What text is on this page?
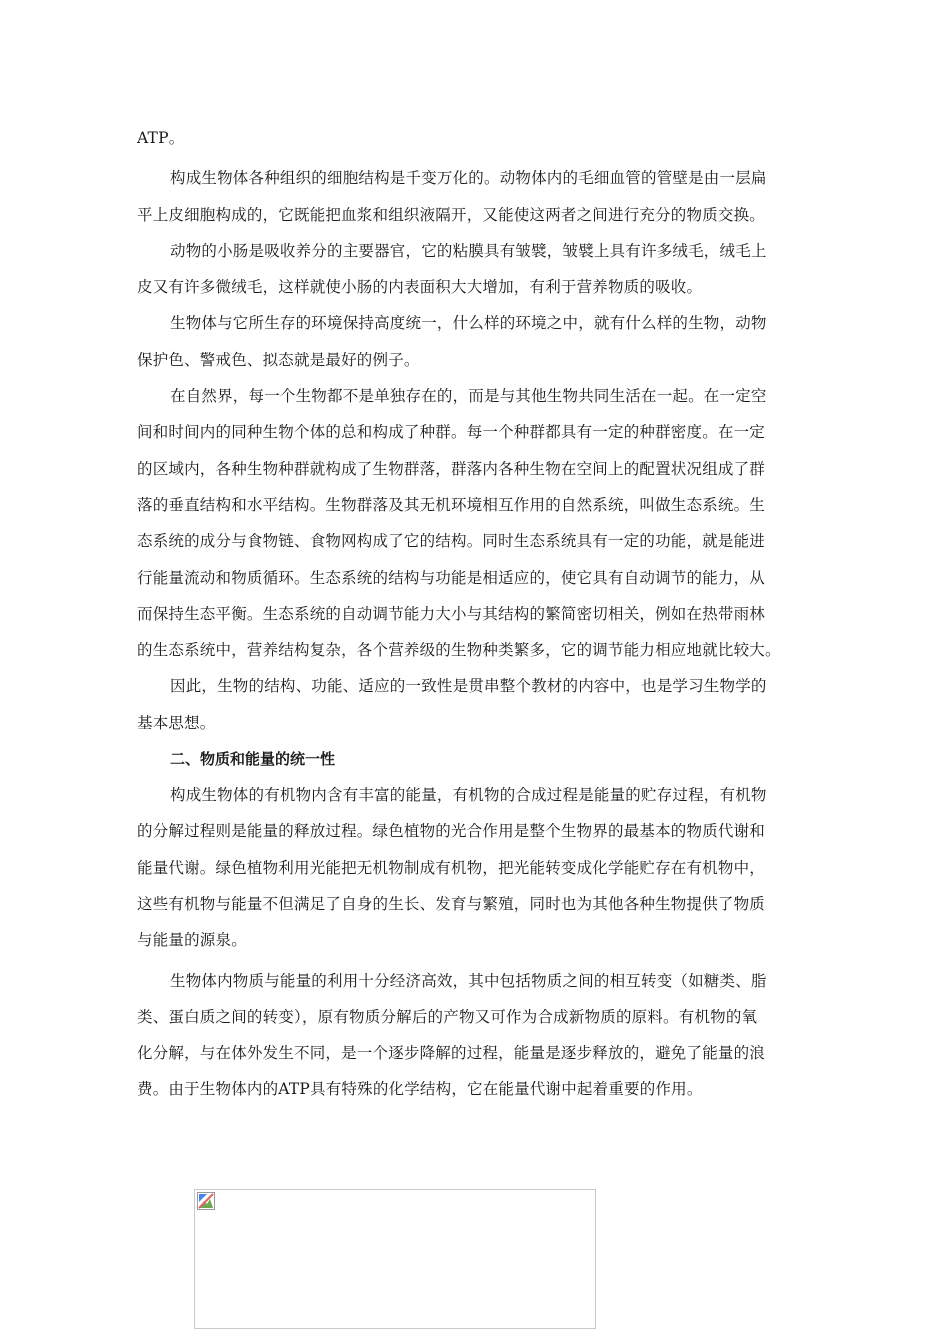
ATP。
构成生物体各种组织的细胞结构是千变万化的。动物体内的毛细血管的管壁是由一层扁
平上皮细胞构成的，它既能把血浆和组织液隔开，又能使这两者之间进行充分的物质交换。
动物的小肠是吸收养分的主要器官，它的粘膜具有皱襞，皱襞上具有许多绒毛，绒毛上
皮又有许多微绒毛，这样就使小肠的内表面积大大增加，有利于营养物质的吸收。
生物体与它所生存的环境保持高度统一，什么样的环境之中，就有什么样的生物，动物
保护色、警戒色、拟态就是最好的例子。
在自然界，每一个生物都不是单独存在的，而是与其他生物共同生活在一起。在一定空
间和时间内的同种生物个体的总和构成了种群。每一个种群都具有一定的种群密度。在一定
的区域内，各种生物种群就构成了生物群落，群落内各种生物在空间上的配置状况组成了群
落的垂直结构和水平结构。生物群落及其无机环境相互作用的自然系统，叫做生态系统。生
态系统的成分与食物链、食物网构成了它的结构。同时生态系统具有一定的功能，就是能进
行能量流动和物质循环。生态系统的结构与功能是相适应的，使它具有自动调节的能力，从
而保持生态平衡。生态系统的自动调节能力大小与其结构的繁简密切相关，例如在热带雨林
的生态系统中，营养结构复杂，各个营养级的生物种类繁多，它的调节能力相应地就比较大。
因此，生物的结构、功能、适应的一致性是贯串整个教材的内容中，也是学习生物学的
基本思想。
二、物质和能量的统一性
构成生物体的有机物内含有丰富的能量，有机物的合成过程是能量的贮存过程，有机物
的分解过程则是能量的释放过程。绿色植物的光合作用是整个生物界的最基本的物质代谢和
能量代谢。绿色植物利用光能把无机物制成有机物，把光能转变成化学能贮存在有机物中，
这些有机物与能量不但满足了自身的生长、发育与繁殖，同时也为其他各种生物提供了物质
与能量的源泉。
生物体内物质与能量的利用十分经济高效，其中包括物质之间的相互转变（如糖类、脂
类、蛋白质之间的转变），原有物质分解后的产物又可作为合成新物质的原料。有机物的氧
化分解，与在体外发生不同，是一个逐步降解的过程，能量是逐步释放的，避免了能量的浪
费。由于生物体内的ATP具有特殊的化学结构，它在能量代谢中起着重要的作用。
